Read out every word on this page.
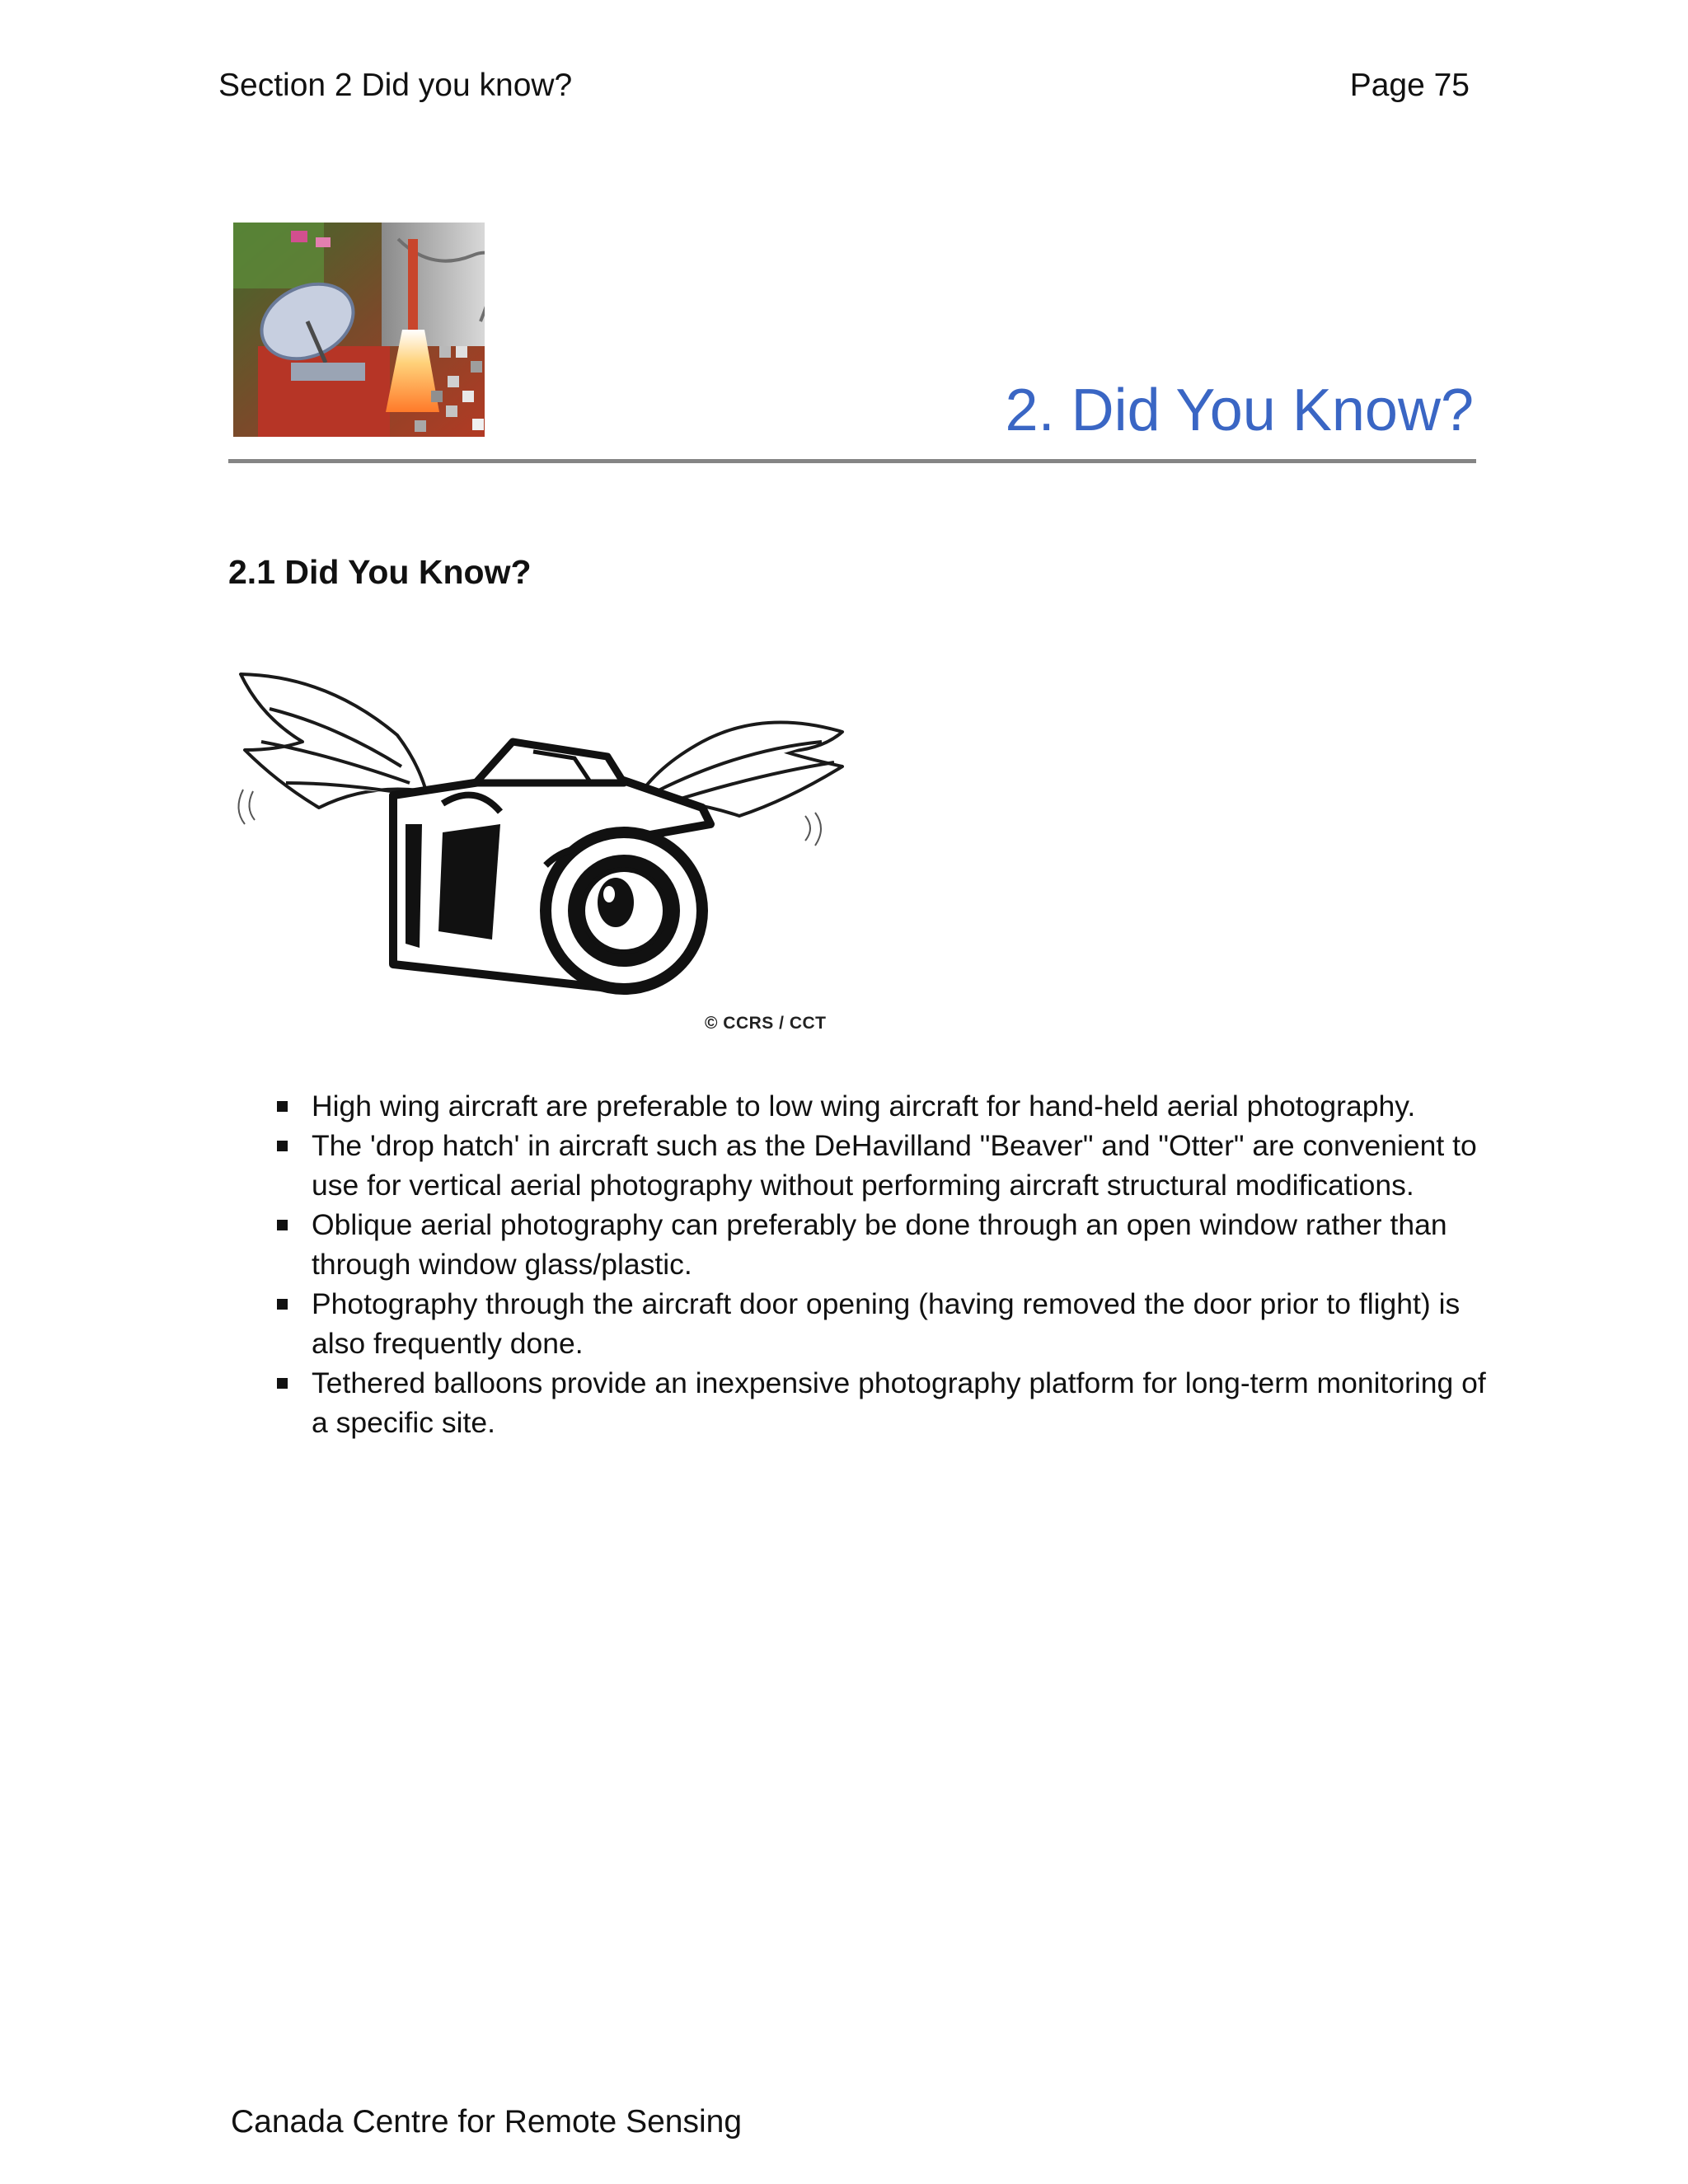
Section 2 Did you know?	Page 75
2. Did You Know?
2.1 Did You Know?
© CCRS / CCT
High wing aircraft are preferable to low wing aircraft for hand-held aerial photography.
The 'drop hatch' in aircraft such as the DeHavilland "Beaver" and "Otter" are convenient to use for vertical aerial photography without performing aircraft structural modifications.
Oblique aerial photography can preferably be done through an open window rather than through window glass/plastic.
Photography through the aircraft door opening (having removed the door prior to flight) is also frequently done.
Tethered balloons provide an inexpensive photography platform for long-term monitoring of a specific site.
Canada Centre for Remote Sensing
